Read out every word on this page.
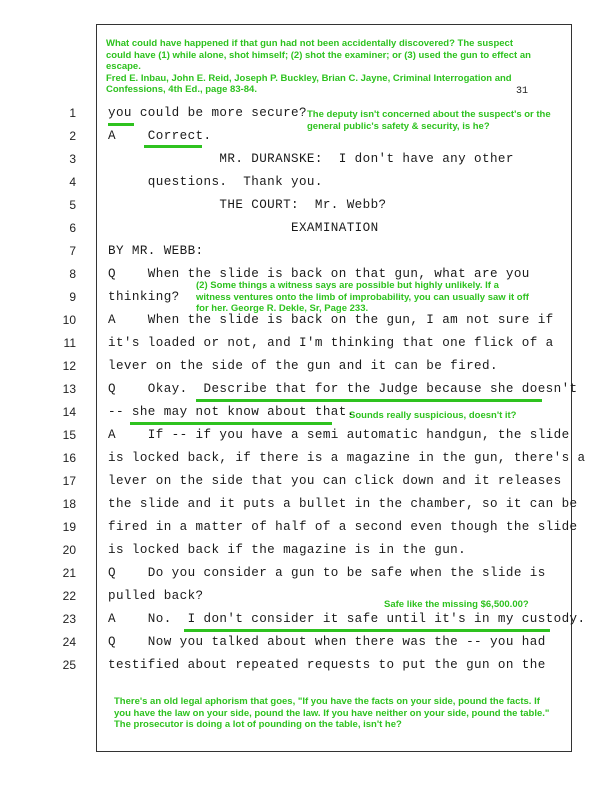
What could have happened if that gun had not been accidentally discovered? The suspect could have (1) while alone, shot himself; (2) shot the examiner; or (3) used the gun to effect an escape.
Fred E. Inbau, John E. Reid, Joseph P. Buckley, Brian C. Jayne, Criminal Interrogation and Confessions, 4th Ed., page 83-84.	31
The deputy isn't concerned about the suspect's or the general public's safety & security, is he?
(2) Some things a witness says are possible but highly unlikely. If a witness ventures onto the limb of improbability, you can usually saw it off for her. George R. Dekle, Sr, Page 233.
Sounds really suspicious, doesn't it?
Safe like the missing $6,500.00?
There's an old legal aphorism that goes, "If you have the facts on your side, pound the facts. If you have the law on your side, pound the law. If you have neither on your side, pound the table." The prosecutor is doing a lot of pounding on the table, isn't he?
1	you could be more secure?
2	A    Correct.
3	MR. DURANSKE:  I don't have any other
4	questions.  Thank you.
5	THE COURT:  Mr. Webb?
6	EXAMINATION
7	BY MR. WEBB:
8	Q    When the slide is back on that gun, what are you
9	thinking?
10	A    When the slide is back on the gun, I am not sure if
11	it's loaded or not, and I'm thinking that one flick of a
12	lever on the side of the gun and it can be fired.
13	Q    Okay.  Describe that for the Judge because she doesn't
14	-- she may not know about that.
15	A    If -- if you have a semi automatic handgun, the slide
16	is locked back, if there is a magazine in the gun, there's a
17	lever on the side that you can click down and it releases
18	the slide and it puts a bullet in the chamber, so it can be
19	fired in a matter of half of a second even though the slide
20	is locked back if the magazine is in the gun.
21	Q    Do you consider a gun to be safe when the slide is
22	pulled back?
23	A    No.  I don't consider it safe until it's in my custody.
24	Q    Now you talked about when there was the -- you had
25	testified about repeated requests to put the gun on the
